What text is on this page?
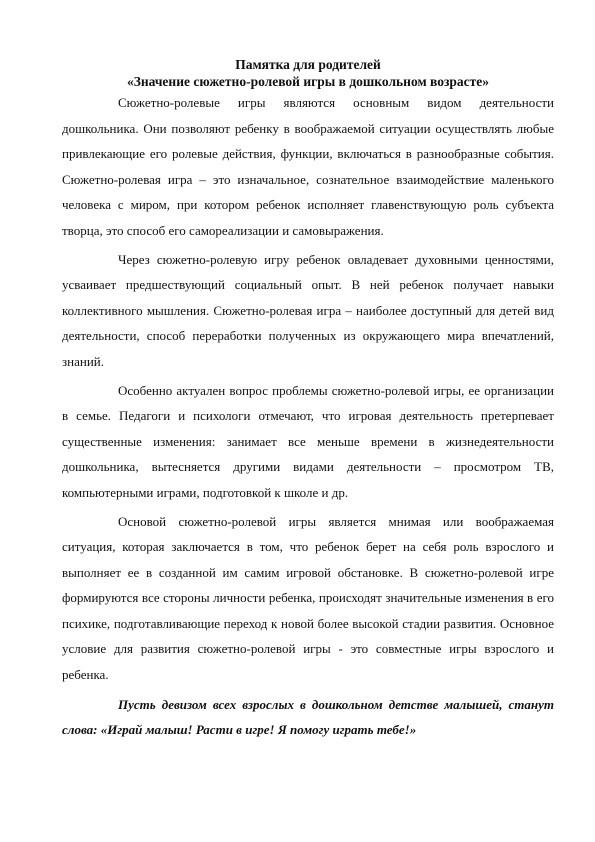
Памятка для родителей

«Значение сюжетно-ролевой игры в дошкольном возрасте»

Сюжетно-ролевые игры являются основным видом деятельности дошкольника. Они позволяют ребенку в воображаемой ситуации осуществлять любые привлекающие его ролевые действия, функции, включаться в разнообразные события. Сюжетно-ролевая игра – это изначальное, сознательное взаимодействие маленького человека с миром, при котором ребенок исполняет главенствующую роль субъекта творца, это способ его самореализации и самовыражения.

Через сюжетно-ролевую игру ребенок овладевает духовными ценностями, усваивает предшествующий социальный опыт. В ней ребенок получает навыки коллективного мышления. Сюжетно-ролевая игра – наиболее доступный для детей вид деятельности, способ переработки полученных из окружающего мира впечатлений, знаний.

Особенно актуален вопрос проблемы сюжетно-ролевой игры, ее организации в семье. Педагоги и психологи отмечают, что игровая деятельность претерпевает существенные изменения: занимает все меньше времени в жизнедеятельности дошкольника, вытесняется другими видами деятельности – просмотром ТВ, компьютерными играми, подготовкой к школе и др.

Основой сюжетно-ролевой игры является мнимая или воображаемая ситуация, которая заключается в том, что ребенок берет на себя роль взрослого и выполняет ее в созданной им самим игровой обстановке. В сюжетно-ролевой игре формируются все стороны личности ребенка, происходят значительные изменения в его психике, подготавливающие переход к новой более высокой стадии развития. Основное условие для развития сюжетно-ролевой игры - это совместные игры взрослого и ребенка.

Пусть девизом всех взрослых в дошкольном детстве малышей, станут слова: «Играй малыш! Расти в игре! Я помогу играть тебе!»
